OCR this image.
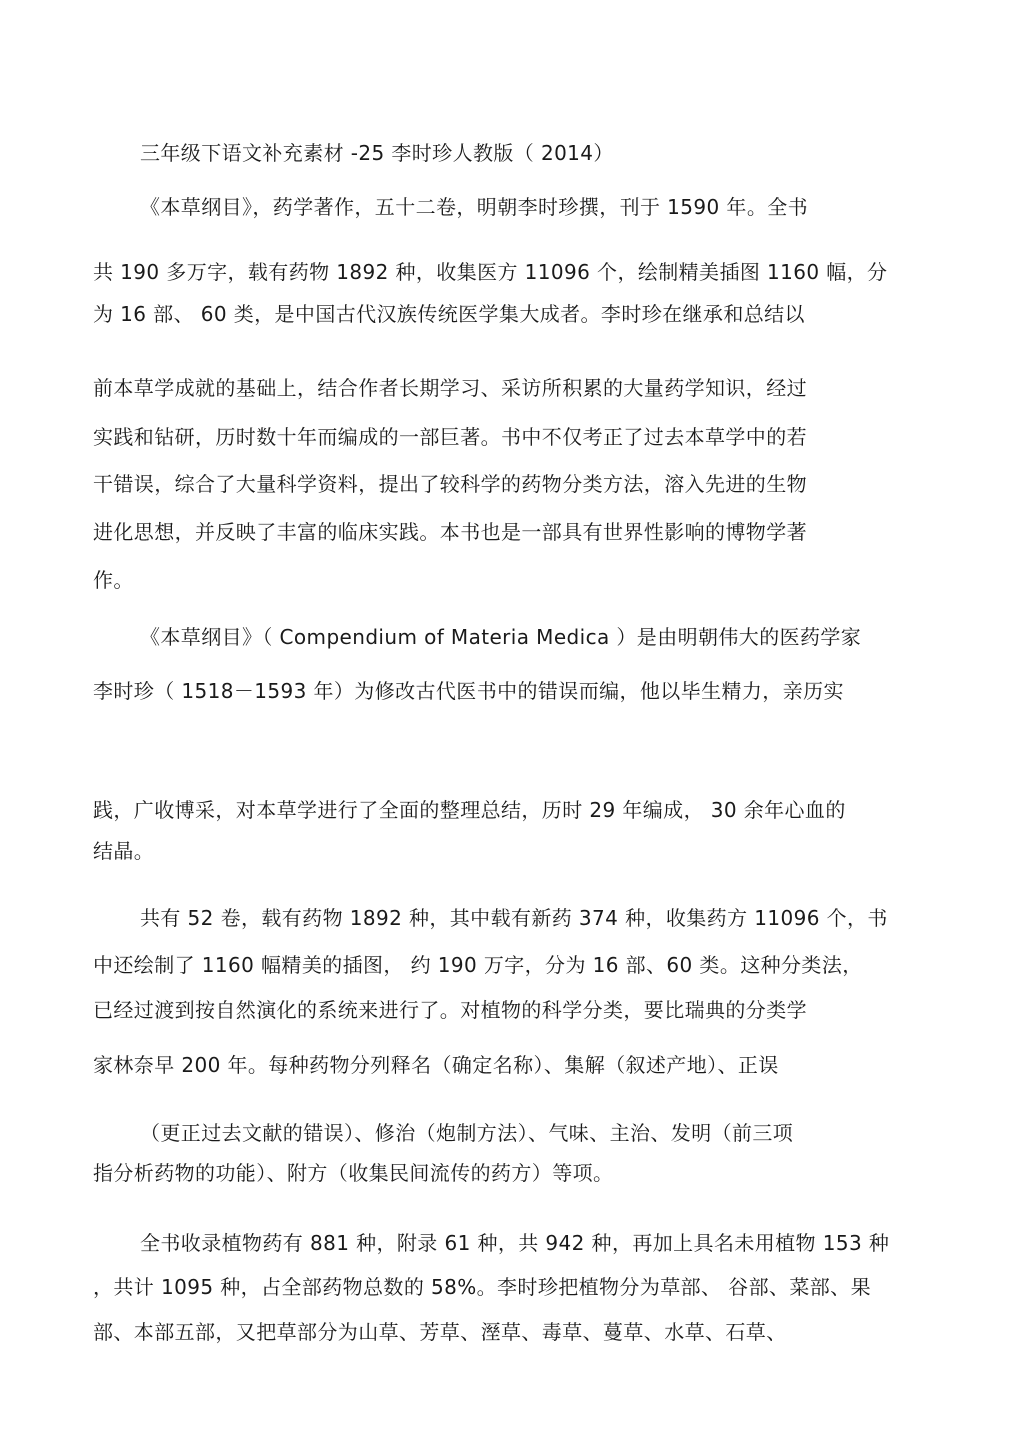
三年级下语文补充素材 -25 李时珍人教版（ 2014）
《本草纲目》，药学著作，五十二卷，明朝李时珍撰，刊于 1590 年。全书
共 190 多万字，载有药物 1892 种，收集医方 11096 个，绘制精美插图 1160 幅，分
为 16 部、 60 类，是中国古代汉族传统医学集大成者。李时珍在继承和总结以
前本草学成就的基础上，结合作者长期学习、采访所积累的大量药学知识，经过
实践和钻研，历时数十年而编成的一部巨著。书中不仅考正了过去本草学中的若
干错误，综合了大量科学资料，提出了较科学的药物分类方法，溶入先进的生物
进化思想，并反映了丰富的临床实践。本书也是一部具有世界性影响的博物学著
作。
《本草纲目》（ Compendium of Materia Medica ）是由明朝伟大的医药学家
李时珍（ 1518－1593 年）为修改古代医书中的错误而编，他以毕生精力，亲历实
践，广收博采，对本草学进行了全面的整理总结，历时 29 年编成， 30 余年心血的
结晶。
共有 52 卷，载有药物 1892 种，其中载有新药 374 种，收集药方 11096 个，书
中还绘制了 1160 幅精美的插图， 约 190 万字，分为 16 部、60 类。这种分类法，
已经过渡到按自然演化的系统来进行了。对植物的科学分类，要比瑞典的分类学
家林奈早 200 年。每种药物分列释名（确定名称）、集解（叙述产地）、正误
（更正过去文献的错误）、修治（炮制方法）、气味、主治、发明（前三项
指分析药物的功能）、附方（收集民间流传的药方）等项。
全书收录植物药有 881 种，附录 61 种，共 942 种，再加上具名未用植物 153 种
，共计 1095 种，占全部药物总数的 58%。李时珍把植物分为草部、 谷部、菜部、果
部、本部五部，又把草部分为山草、芳草、溼草、毒草、蔓草、水草、石草、
